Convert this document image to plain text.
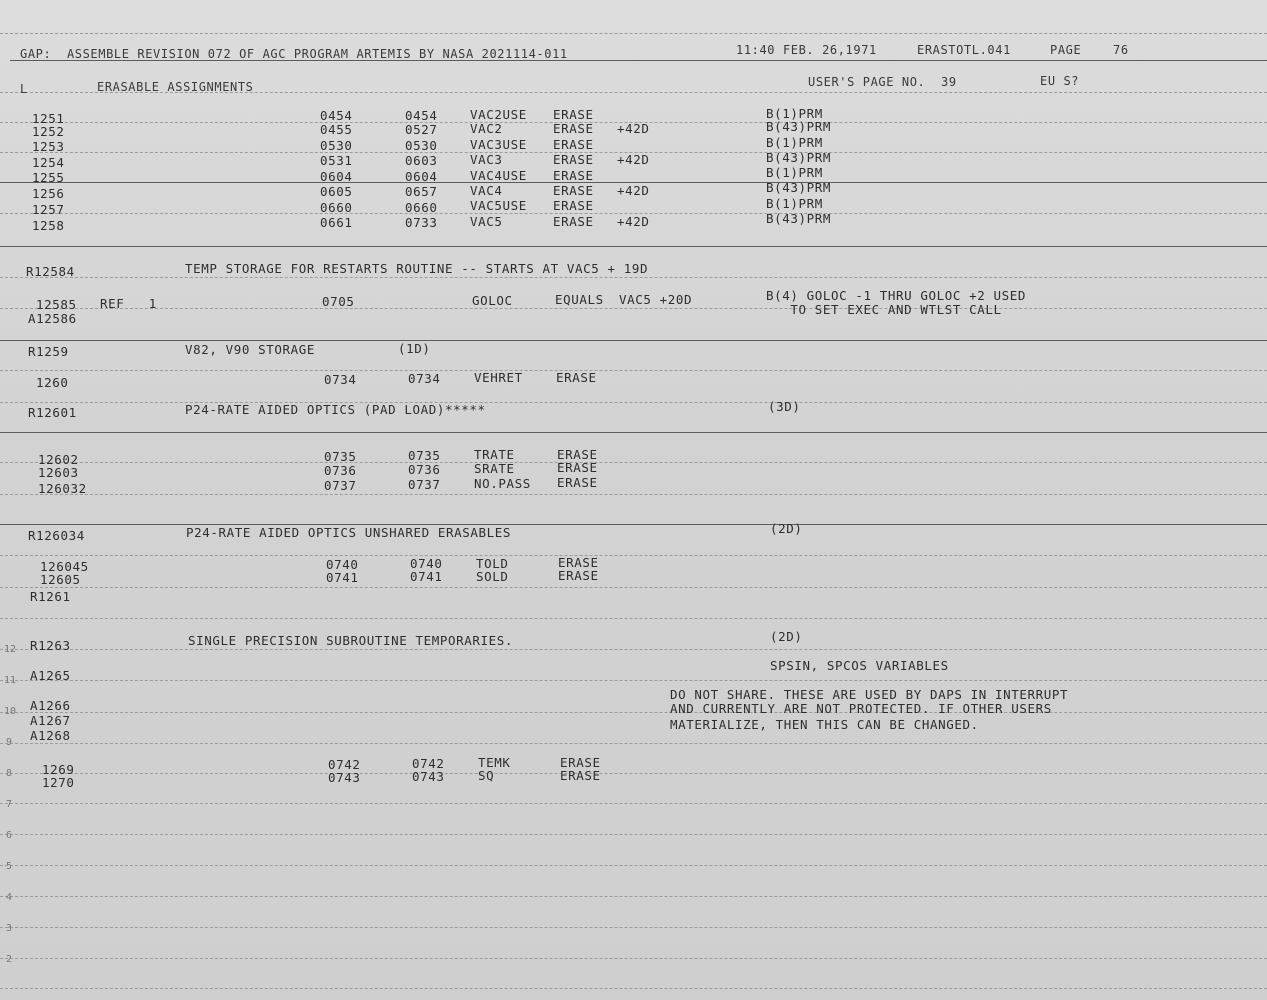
GAP:  ASSEMBLE REVISION 072 OF AGC PROGRAM ARTEMIS BY NASA 2021114-011	11:40 FEB. 26,1971	ERASTOTL.041	PAGE	76
L	ERASABLE ASSIGNMENTS	USER'S PAGE NO.  39	EU S?
1251	0454	0454	VAC2USE ERASE	B(1)PRM
1252	0455	0527	VAC2	ERASE +42D	B(43)PRM
1253	0530	0530	VAC3USE ERASE	B(1)PRM
1254	0531	0603	VAC3	ERASE +42D	B(43)PRM
1255	0604	0604	VAC4USE ERASE	B(1)PRM
1256	0605	0657	VAC4	ERASE +42D	B(43)PRM
1257	0660	0660	VAC5USE ERASE	B(1)PRM
1258	0661	0733	VAC5	ERASE +42D	B(43)PRM
R12584	TEMP STORAGE FOR RESTARTS ROUTINE -- STARTS AT VAC5 + 19D
12585 REF   1	0705	GOLOC	EQUALS VAC5 +20D	B(4) GOLOC -1 THRU GOLOC +2 USED
A12586
TO SET EXEC AND WTLST CALL
R1259	V82, V90 STORAGE	(1D)
1260	0734	0734	VEHRET	ERASE
R12601	P24-RATE AIDED OPTICS (PAD LOAD)*****	(3D)
12602	0735	0735	TRATE	ERASE
12603	0736	0736	SRATE	ERASE
126032	0737	0737	NO.PASS ERASE
R126034	P24-RATE AIDED OPTICS UNSHARED ERASABLES	(2D)
126045	0740	0740	TOLD	ERASE
12605	0741	0741	SOLD	ERASE
R1261
R1263	SINGLE PRECISION SUBROUTINE TEMPORARIES.	(2D)
A1265
SPSIN, SPCOS VARIABLES
A1266
DO NOT SHARE. THESE ARE USED BY DAPS IN INTERRUPT
A1267
AND CURRENTLY ARE NOT PROTECTED. IF OTHER USERS
A1268
MATERIALIZE, THEN THIS CAN BE CHANGED.
1269	0742	0742	TEMK	ERASE
1270	0743	0743	SQ	ERASE
12
11
10
9
8
7
6
5
4
3
2
